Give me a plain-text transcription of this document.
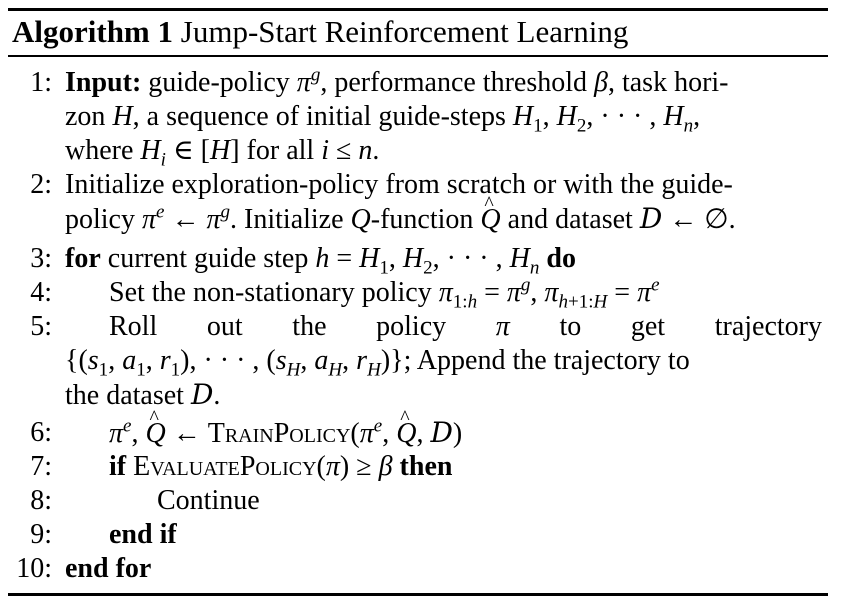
Algorithm 1 Jump-Start Reinforcement Learning
1: Input: guide-policy $\pi^g$, performance threshold β, task hori-
zon H, a sequence of initial guide-steps $H_1$, $H_2$, · · · , $H_n$,
where $H_i$ ∈ [H] for all i ≤ n.
2: Initialize exploration-policy from scratch or with the guide-
policy $\pi^e$ ← $\pi^g$. Initialize Q-function ^ Q and dataset D ← ∅.
3: for current guide step $h = H_1$, $H_2$, · · · , $H_n$ do
4: Set the non-stationary policy $\pi_{1:h} = \pi^g$, $\pi_{h+1:H} = \pi^e$
5: Roll out the policy π to get trajectory
{($s_1$, $a_1$, $r_1$), · · · , ($s_H$, $a_H$, $r_H$)}; Append the trajectory to
the dataset D.
6: $\pi^e$, ^ Q ← $TrainPolicy(\pi^e$, ^ Q, D)
7: if EvaluatePolicy(π) ≥ β then
8:	Continue
9: end if
10: end for
